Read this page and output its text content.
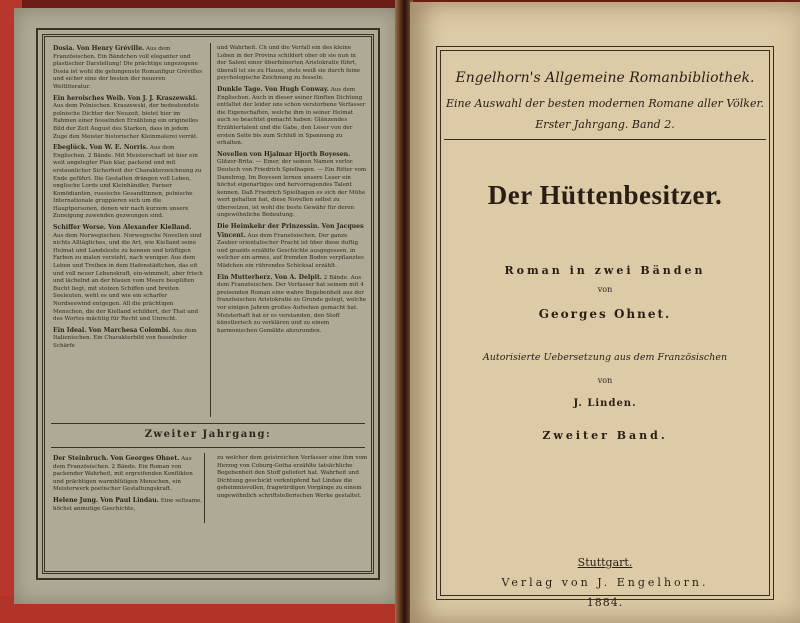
Dosia. Von Henry Gréville. Aus dem Französischen. Ein Bändchen voll eleganter und plastischer Darstellung! Die prächtige ungezogene Dosia ist wohl die gelungenste Romanfigur Grévilles und sicher eine der besten der neueren Weltliteratur.
Ein heroisches Weib. Von J. J. Kraszewski. Aus dem Polnischen. Kraszewski, der bedeutendste polnische Dichter der Neuzeit, bietet hier im Rahmen einer fesselnden Erzählung ein originelles Bild der Zeit August des Starken, dass in jedem Zuge den Meister historischer Kleinmalerei verrät.
Ebeglück. Von W. E. Norris. Aus dem Englischen. 2 Bände. Mit Meisterschaft ist hier ein weit angelegter Plan klar, packend und mit erstaunlicher Sicherheit der Charakterzeichnung zu Ende geführt. Die Gestalten drängen voll Leben, englische Lords und Kleinhändler, Pariser Komödianten, russische Gesandtinnen, polnische Internationale gruppieren sich um die Hauptpersonen, denen wir nach kurzem unsere Zuneigung zuwenden gezwungen sind.
Schiffer Worse. Von Alexander Kielland. Aus dem Norwegischen. Norwegische Novellen sind nichts Alltägliches, und die Art, wie Kielland seine Heimat und Landsleute zu kennen und kräftigen Farben zu malen versteht, nach weniger. Aus dem Leben und Treiben in dem Hafenstädtchen, das eit und voll neuer Lebenskraft, ein-wimmelt, aber frisch und lächelnd an der blauen vom Meere bespülten Bucht liegt, mit stolzen Schiffen und breiten Seeleuten, weht es und wie ein scharfer Nordseewind entgegen. All die prächtigen Menschen, die der Kielland schildert, der That und des Wortes mächtig für Recht und Unrecht.
Ein Ideal. Von Marchesa Colombi. Aus dem Italienischen. Ein Charakterbild von fesselnder Schärfe
und Wahrheit. Ch und die Verfall ein des kleine Loben in der Provinz schildert ober ob sie nun in der Saloni einer überfeinerten Aristokratie führt, überall ist sie zu Hause, stets weiß sie durch feine psychologische Zeichnung zu fesseln.
Dunkle Tage. Von Hugh Conway. Aus dem Englischen. Auch in dieser seiner fünften Dichtung entfaltet der leider uns schon verstorbene Verfasser die Eigenschaften, welche ihm in seiner Heimat auch so beachtet gemacht haben: Glänzendes Erzählertalent und die Gabe, den Leser von der ersten Seite bis zum Schluß in Spannung zu erhalten.
Novellen von Hjalmar Hjorth Boyesen. Glitzer-Brita. — Einer, der seinen Namen verlor. Deutsch von Friedrich Spielhagen. — Ein Ritter vom Danebrog. Im Boyesen lernen unsere Leser ein höchst eigenartiges und hervorragendes Talent kennen. Daß Friedrich Spielhagen es sich der Mühe wert gehalten hat, diese Novellen selbst zu übersetzen, ist wohl die beste Gewähr für deren ungewöhnliche Bedeutung.
Die Heimkehr der Prinzessin. Von Jacques Vincent. Aus dem Französischen. Der ganze Zauber orientalischer Pracht ist über diese duftig und graziös erzählte Geschichte ausgegossen, in welcher ein armes, auf fremden Boden verpflanztes Mädchen ein rührendes Schicksal erzählt.
Ein Mutterherz. Von A. Delpit. 2 Bände. Aus dem Französischen. Der Verfasser hat seinem mit 4 preisenden Roman eine wahre Begebenheit aus der französischen Aristokratie zu Grunde gelegt, welche vor einigen Jahren großes Aufsehen gemacht hat. Meisterhaft hat er es verstanden, den Stoff künstlerisch zu verklären und zu einem harmonischen Gemälde abzurunden.
Zweiter Jahrgang:
Der Steinbruch. Von Georges Ohnet. Aus dem Französischen. 2 Bände. Ein Roman von packender Wahrheit, mit ergreifenden Konflikten und prächtigen warmblütigen Menschen, ein Meisterwerk poetischer Gestaltungskraft.
Helene Jung. Von Paul Lindau. Eine seltsame, höchst anmutige Geschichte,
zu welcher dem geistreichen Verfasser eine ihm vom Herzog von Coburg-Gotha erzählte tatsächliche Begebenheit den Stoff geliefert hat. Wahrheit und Dichtung geschickt verknüpfend hat Lindau die geheimnisvollen, fragwürdigen Vorgänge zu einem ungewöhnlich schriftstellerischen Werke gestaltet.
Engelhorn's Allgemeine Romanbibliothek.
Eine Auswahl der besten modernen Romane aller Völker.
Erster Jahrgang. Band 2.
Der Hüttenbesitzer.
Roman in zwei Bänden
von
Georges Ohnet.
Autorisierte Uebersetzung aus dem Französischen
von
J. Linden.
Zweiter Band.
Stuttgart.
Verlag von J. Engelhorn.
1884.
